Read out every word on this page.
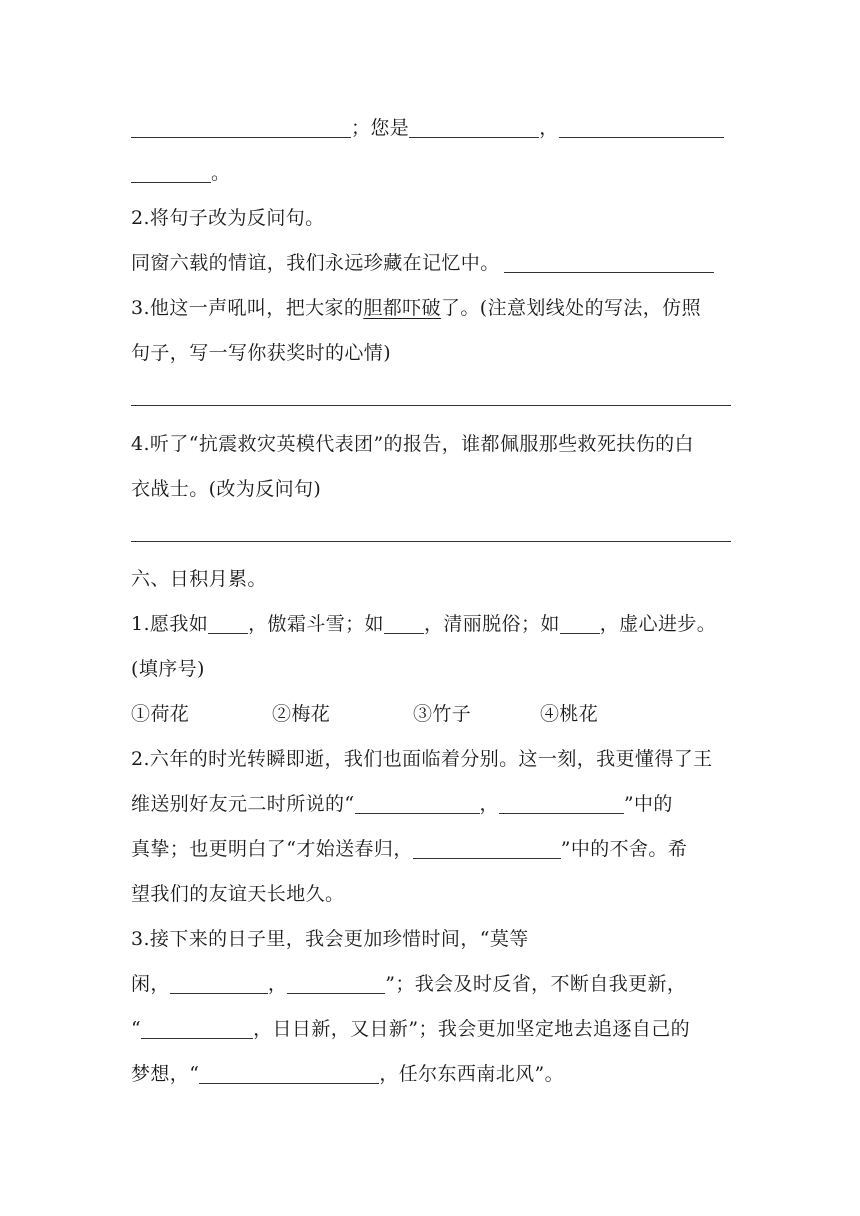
；您是	，
。
2.将句子改为反问句。
同窗六载的情谊，我们永远珍藏在记忆中。
3.他这一声吼叫，把大家的胆都吓破了。(注意划线处的写法，仿照
句子，写一写你获奖时的心情)
4.听了“抗震救灾英模代表团”的报告，谁都佩服那些救死扶伤的白
衣战士。(改为反问句)
六、日积月累。
1.愿我如 ，傲霜斗雪；如 ，清丽脱俗；如 ，虚心进步。
(填序号)
①荷花	②梅花	③竹子	④桃花
2.六年的时光转瞬即逝，我们也面临着分别。这一刻，我更懂得了王
维送别好友元二时所说的“	，	”中的
真挚；也更明白了“才始送春归，	”中的不舍。希
望我们的友谊天长地久。
3.接下来的日子里，我会更加珍惜时间，“莫等
闲，	，	”；我会及时反省，不断自我更新，
“	，日日新，又日新”；我会更加坚定地去追逐自己的
梦想，“	，任尔东西南北风”。
